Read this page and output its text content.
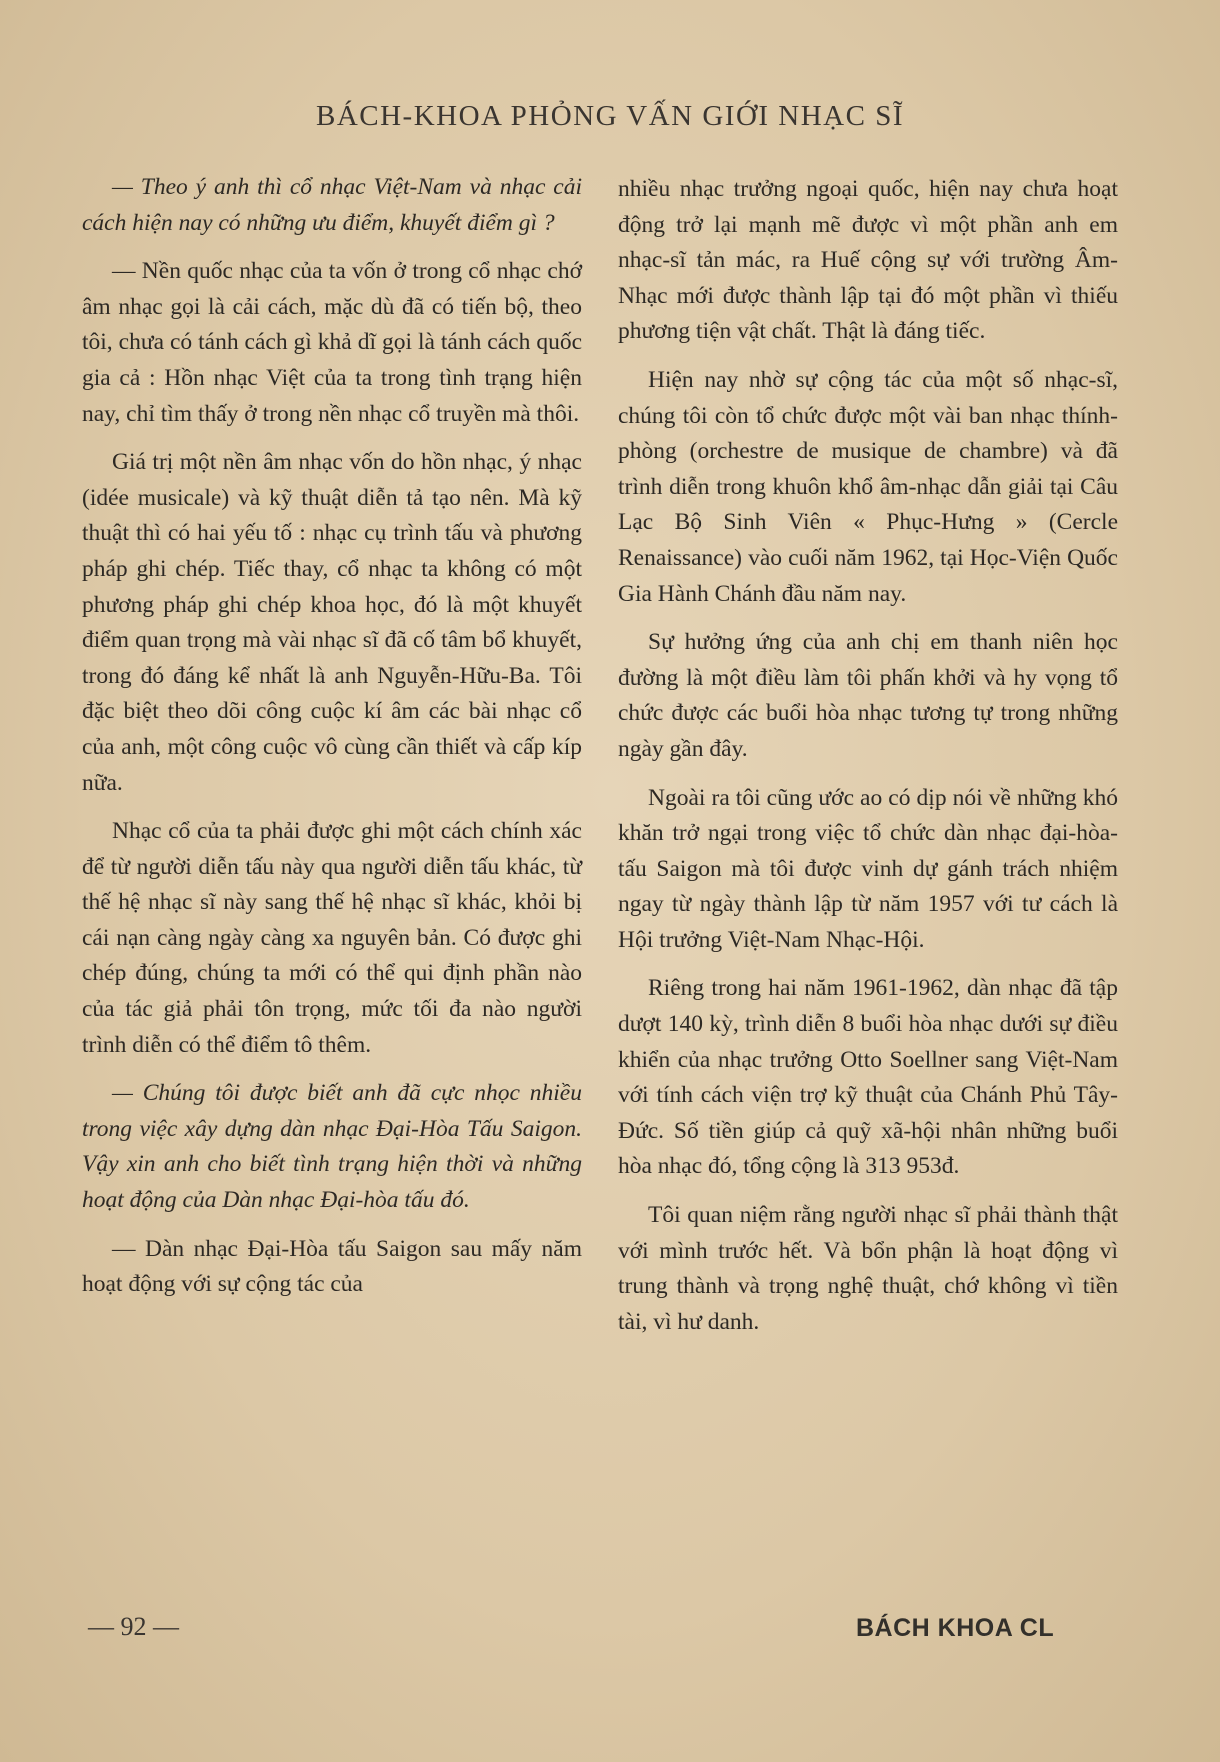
BÁCH-KHOA PHỎNG VẤN GIỚI NHẠC SĨ

— Theo ý anh thì cổ nhạc Việt-Nam và nhạc cải cách hiện nay có những ưu điểm, khuyết điểm gì ?

— Nền quốc nhạc của ta vốn ở trong cổ nhạc chớ âm nhạc gọi là cải cách, mặc dù đã có tiến bộ, theo tôi, chưa có tánh cách gì khả dĩ gọi là tánh cách quốc gia cả : Hồn nhạc Việt của ta trong tình trạng hiện nay, chỉ tìm thấy ở trong nền nhạc cổ truyền mà thôi.

Giá trị một nền âm nhạc vốn do hồn nhạc, ý nhạc (idée musicale) và kỹ thuật diễn tả tạo nên. Mà kỹ thuật thì có hai yếu tố : nhạc cụ trình tấu và phương pháp ghi chép. Tiếc thay, cổ nhạc ta không có một phương pháp ghi chép khoa học, đó là một khuyết điểm quan trọng mà vài nhạc sĩ đã cố tâm bổ khuyết, trong đó đáng kể nhất là anh Nguyễn-Hữu-Ba. Tôi đặc biệt theo dõi công cuộc kí âm các bài nhạc cổ của anh, một công cuộc vô cùng cần thiết và cấp kíp nữa.

Nhạc cổ của ta phải được ghi một cách chính xác để từ người diễn tấu này qua người diễn tấu khác, từ thế hệ nhạc sĩ này sang thế hệ nhạc sĩ khác, khỏi bị cái nạn càng ngày càng xa nguyên bản. Có được ghi chép đúng, chúng ta mới có thể qui định phần nào của tác giả phải tôn trọng, mức tối đa nào người trình diễn có thể điểm tô thêm.

— Chúng tôi được biết anh đã cực nhọc nhiều trong việc xây dựng dàn nhạc Đại-Hòa Tấu Saigon. Vậy xin anh cho biết tình trạng hiện thời và những hoạt động của Dàn nhạc Đại-hòa tấu đó.

— Dàn nhạc Đại-Hòa tấu Saigon sau mấy năm hoạt động với sự cộng tác của

nhiều nhạc trưởng ngoại quốc, hiện nay chưa hoạt động trở lại mạnh mẽ được vì một phần anh em nhạc-sĩ tản mác, ra Huế cộng sự với trường Âm-Nhạc mới được thành lập tại đó một phần vì thiếu phương tiện vật chất. Thật là đáng tiếc.

Hiện nay nhờ sự cộng tác của một số nhạc-sĩ, chúng tôi còn tổ chức được một vài ban nhạc thính-phòng (orchestre de musique de chambre) và đã trình diễn trong khuôn khổ âm-nhạc dẫn giải tại Câu Lạc Bộ Sinh Viên « Phục-Hưng » (Cercle Renaissance) vào cuối năm 1962, tại Học-Viện Quốc Gia Hành Chánh đầu năm nay.

Sự hưởng ứng của anh chị em thanh niên học đường là một điều làm tôi phấn khởi và hy vọng tổ chức được các buổi hòa nhạc tương tự trong những ngày gần đây.

Ngoài ra tôi cũng ước ao có dịp nói về những khó khăn trở ngại trong việc tổ chức dàn nhạc đại-hòa-tấu Saigon mà tôi được vinh dự gánh trách nhiệm ngay từ ngày thành lập từ năm 1957 với tư cách là Hội trưởng Việt-Nam Nhạc-Hội.

Riêng trong hai năm 1961-1962, dàn nhạc đã tập dượt 140 kỳ, trình diễn 8 buổi hòa nhạc dưới sự điều khiển của nhạc trưởng Otto Soellner sang Việt-Nam với tính cách viện trợ kỹ thuật của Chánh Phủ Tây-Đức. Số tiền giúp cả quỹ xã-hội nhân những buổi hòa nhạc đó, tổng cộng là 313 953đ.

Tôi quan niệm rằng người nhạc sĩ phải thành thật với mình trước hết. Và bổn phận là hoạt động vì trung thành và trọng nghệ thuật, chớ không vì tiền tài, vì hư danh.

— 92 —	BÁCH KHOA CL
